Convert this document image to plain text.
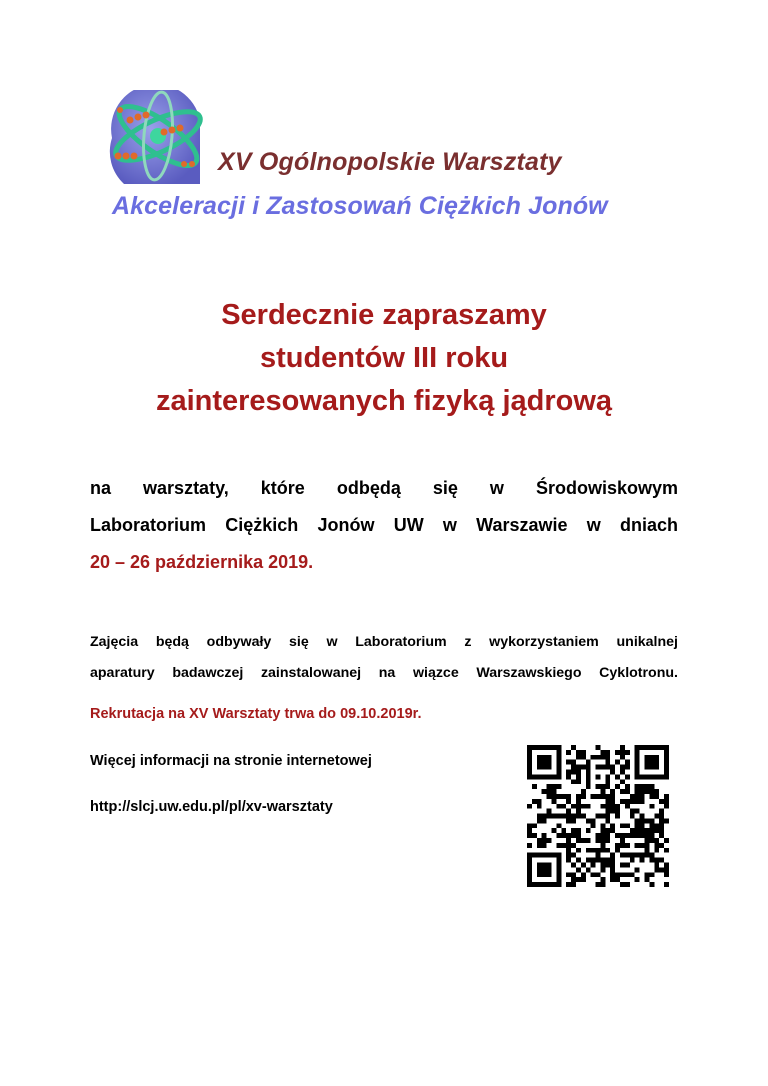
XV Ogólnopolskie Warsztaty
Akceleracji i Zastosowań Ciężkich Jonów
Serdecznie zapraszamy
studentów III roku
zainteresowanych fizyką jądrową
na warsztaty, które odbędą się w Środowiskowym
Laboratorium Ciężkich Jonów UW w Warszawie w dniach
20 – 26 października 2019.
Zajęcia będą odbywały się w Laboratorium z wykorzystaniem unikalnej
aparatury badawczej zainstalowanej na wiązce Warszawskiego Cyklotronu.
Rekrutacja na XV Warsztaty trwa do 09.10.2019r.
Więcej informacji na stronie internetowej
http://slcj.uw.edu.pl/pl/xv-warsztaty
